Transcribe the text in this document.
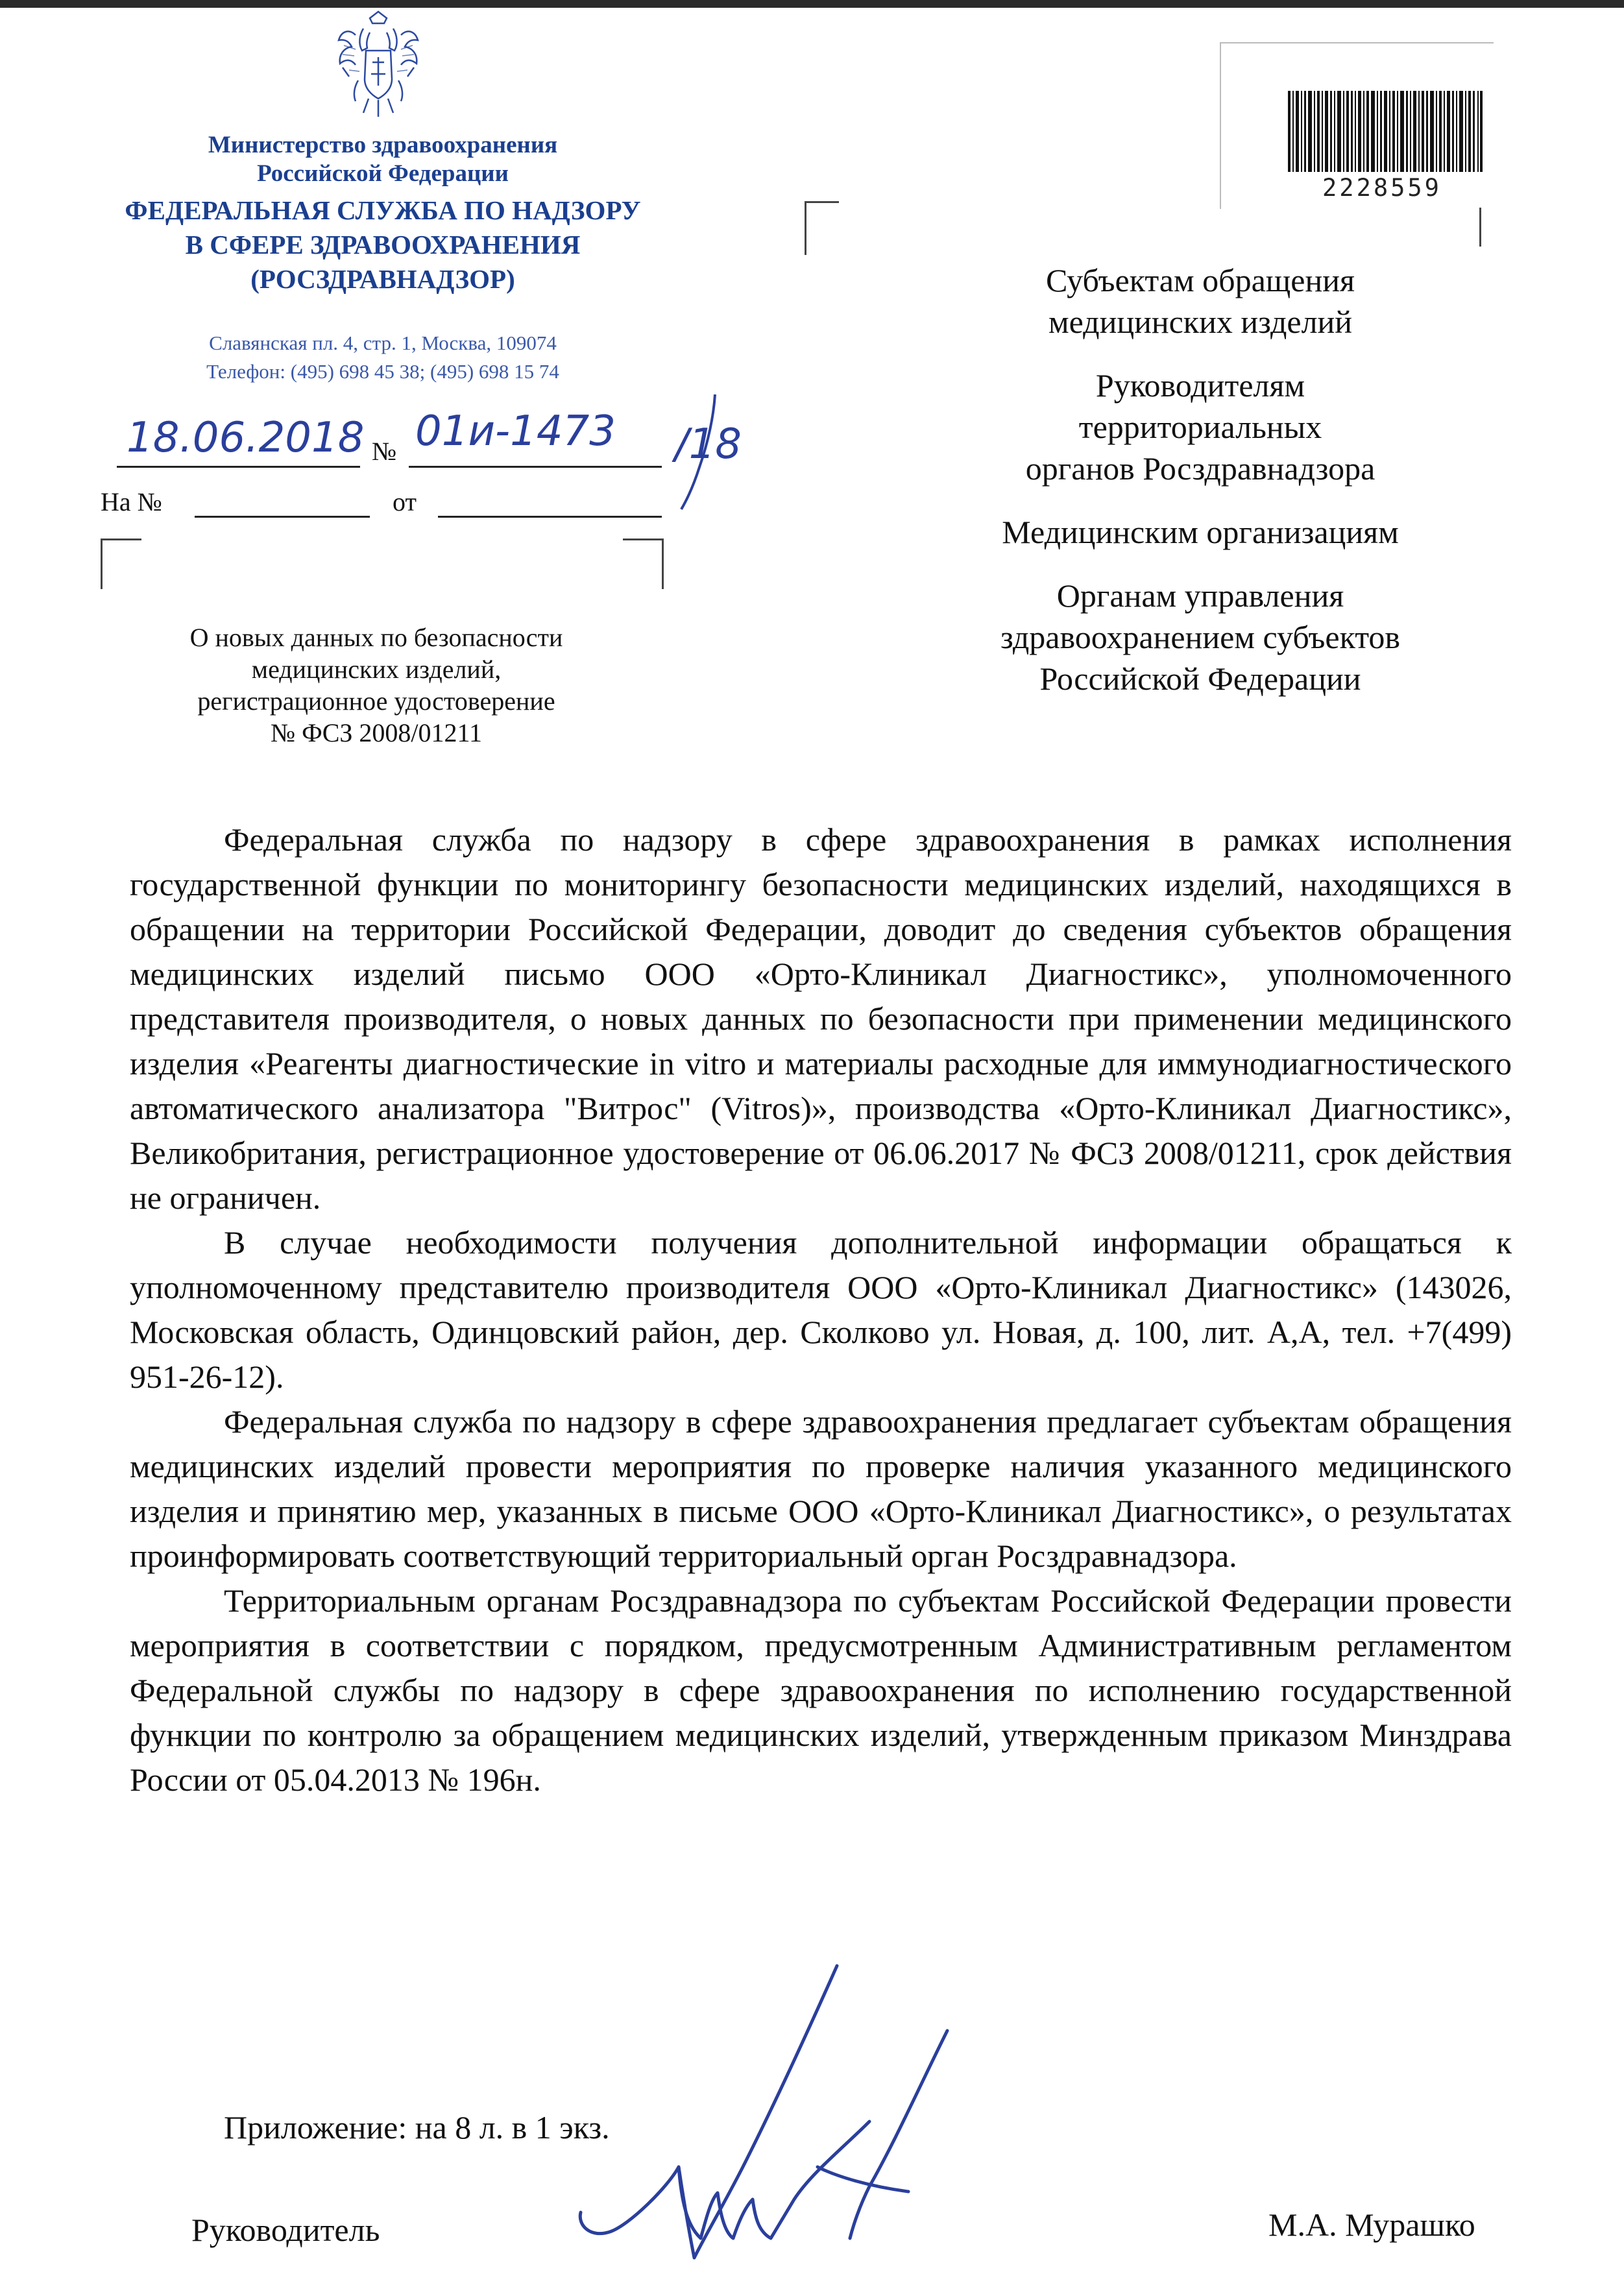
Министерство здравоохранения
Российской Федерации
ФЕДЕРАЛЬНАЯ СЛУЖБА ПО НАДЗОРУ
В СФЕРЕ ЗДРАВООХРАНЕНИЯ
(РОСЗДРАВНАДЗОР)
Славянская пл. 4, стр. 1, Москва, 109074
Телефон: (495) 698 45 38; (495) 698 15 74
18.06.2018 № 01и-1473 /18
На №	от
О новых данных по безопасности
медицинских изделий,
регистрационное удостоверение
№ ФСЗ 2008/01211
2228559

Субъектам обращения
медицинских изделий

Руководителям
территориальных
органов Росздравнадзора

Медицинским организациям

Органам управления
здравоохранением субъектов
Российской Федерации

Федеральная служба по надзору в сфере здравоохранения в рамках исполнения государственной функции по мониторингу безопасности медицинских изделий, находящихся в обращении на территории Российской Федерации, доводит до сведения субъектов обращения медицинских изделий письмо ООО «Орто-Клиникал Диагностикс», уполномоченного представителя производителя, о новых данных по безопасности при применении медицинского изделия «Реагенты диагностические in vitro и материалы расходные для иммунодиагностического автоматического анализатора "Витрос" (Vitros)», производства «Орто-Клиникал Диагностикс», Великобритания, регистрационное удостоверение от 06.06.2017 № ФСЗ 2008/01211, срок действия не ограничен.

В случае необходимости получения дополнительной информации обращаться к уполномоченному представителю производителя ООО «Орто-Клиникал Диагностикс» (143026, Московская область, Одинцовский район, дер. Сколково ул. Новая, д. 100, лит. А,А, тел. +7(499) 951-26-12).

Федеральная служба по надзору в сфере здравоохранения предлагает субъектам обращения медицинских изделий провести мероприятия по проверке наличия указанного медицинского изделия и принятию мер, указанных в письме ООО «Орто-Клиникал Диагностикс», о результатах проинформировать соответствующий территориальный орган Росздравнадзора.

Территориальным органам Росздравнадзора по субъектам Российской Федерации провести мероприятия в соответствии с порядком, предусмотренным Административным регламентом Федеральной службы по надзору в сфере здравоохранения по исполнению государственной функции по контролю за обращением медицинских изделий, утвержденным приказом Минздрава России от 05.04.2013 № 196н.

Приложение: на 8 л. в 1 экз.
Руководитель	М.А. Мурашко
